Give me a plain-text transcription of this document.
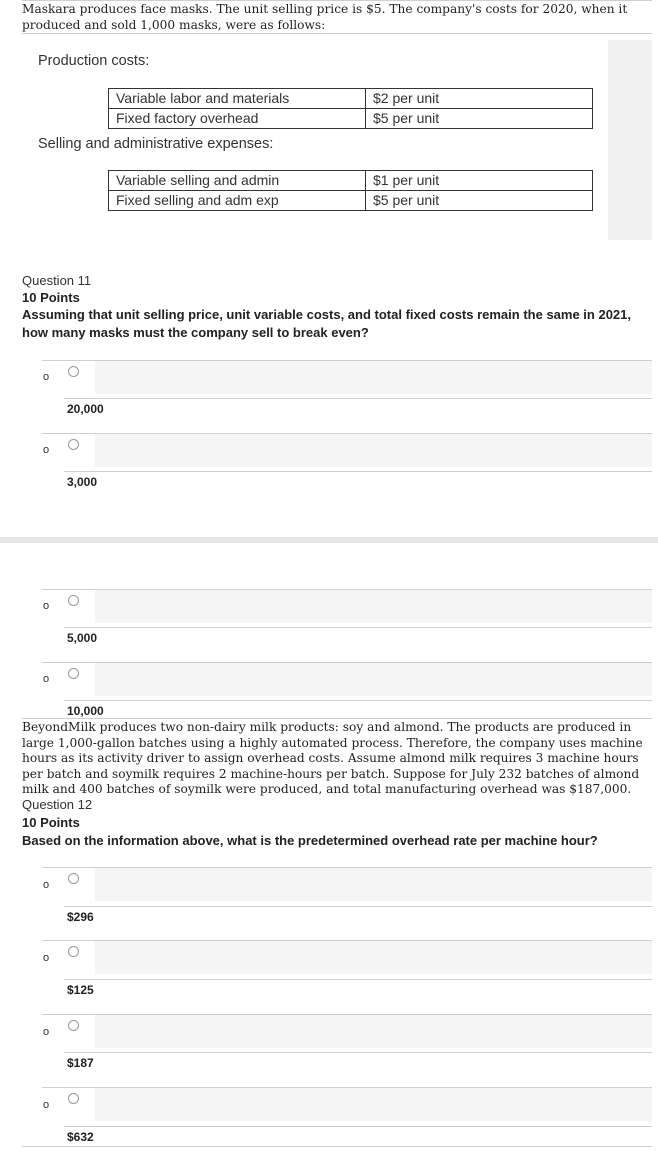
Maskara produces face masks. The unit selling price is $5. The company's costs for 2020, when it produced and sold 1,000 masks, were as follows:
Production costs:
Variable labor and materials	$2 per unit
Fixed factory overhead	$5 per unit
Selling and administrative expenses:
Variable selling and admin	$1 per unit
Fixed selling and adm exp	$5 per unit
Question 11
10 Points
Assuming that unit selling price, unit variable costs, and total fixed costs remain the same in 2021, how many masks must the company sell to break even?
o
20,000
o
3,000
o
5,000
o
10,000
BeyondMilk produces two non-dairy milk products: soy and almond. The products are produced in large 1,000-gallon batches using a highly automated process. Therefore, the company uses machine hours as its activity driver to assign overhead costs. Assume almond milk requires 3 machine hours per batch and soymilk requires 2 machine-hours per batch. Suppose for July 232 batches of almond milk and 400 batches of soymilk were produced, and total manufacturing overhead was $187,000.
Question 12
10 Points
Based on the information above, what is the predetermined overhead rate per machine hour?
o
$296
o
$125
o
$187
o
$632
